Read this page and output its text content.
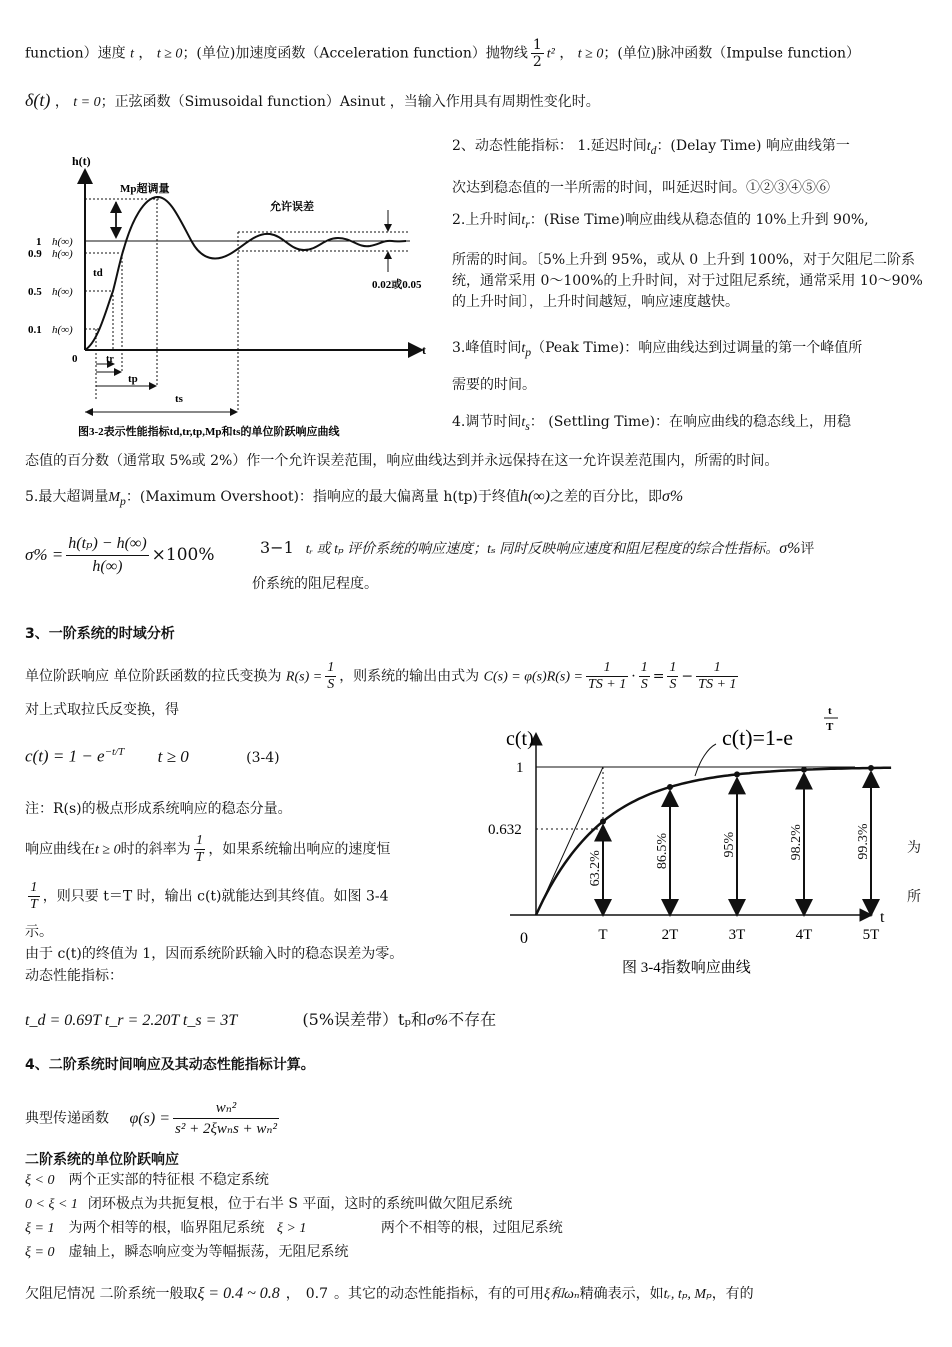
function）速度 t ， t ≥ 0；(单位)加速度函数（Acceleration function）抛物线 $\frac{1}{2} t^2$ ， t ≥ 0；(单位)脉冲函数（Impulse function）
δ(t) ， t = 0；正弦函数（Simusoidal function）Asinut ，当输入作用具有周期性变化时。
h(t)
Mp超调量
允许误差
1 h(∞)
0.9 h(∞)
0.5 h(∞)
0.1 h(∞)
0
td
tr
tp
ts
0.02或0.05
t
图3-2表示性能指标td,tr,tp,Mp和ts的单位阶跃响应曲线
2、动态性能指标： 1.延迟时间$t_d$：(Delay Time) 响应曲线第一
次达到稳态值的一半所需的时间，叫延迟时间。①②③④⑤⑥
2.上升时间$t_r$：(Rise Time)响应曲线从稳态值的 10%上升到 90%,
所需的时间。〔5%上升到 95%，或从 0 上升到 100%，对于欠阻尼二阶系统，通常采用 0～100%的上升时间，对于过阻尼系统，通常采用 10～90%的上升时间〕，上升时间越短，响应速度越快。
3.峰值时间$t_p(Peak$ Time)：响应曲线达到过调量的第一个峰值所
需要的时间。
4.调节时间$t_s$： (Settling Time)：在响应曲线的稳态线上，用稳
态值的百分数（通常取 5%或 2%）作一个允许误差范围，响应曲线达到并永远保持在这一允许误差范围内，所需的时间。
5.最大超调量$M_p$：(Maximum Overshoot)：指响应的最大偏离量 h(tp)于终值h(∞)之差的百分比，即σ%
$\sigma\% = \frac{\text{h(tₚ) − h(∞)}}{h(\infty)} \times 100\%$	3−1 tᵣ 或 tₚ 评价系统的响应速度；tₛ 同时反映响应速度和阻尼程度的综合性指标。σ%评
价系统的阻尼程度。
3、一阶系统的时域分析
单位阶跃响应 单位阶跃函数的拉氏变换为 $R(s) = \frac{1}{S}$ ，则系统的输出由式为 $C(s) = \varphi(s)R(s) = \frac{1}{TS + 1} \cdot \frac{1}{S} = \frac{1}{S} - \frac{1}{TS + 1}$
对上式取拉氏反变换，得
$c(t) = 1 - e^{-t/T}$ t ≥ 0	(3-4)
注：R(s)的极点形成系统响应的稳态分量。
响应曲线在t ≥ 0时的斜率为 $\frac{1}{T}$ ，如果系统输出响应的速度恒	为
$\frac{1}{T}$ ，则只要 t＝T 时，输出 c(t)就能达到其终值。如图 3-4	所
示。
由于 c(t)的终值为 1，因而系统阶跃输入时的稳态误差为零。
动态性能指标：
t_d = 0.69T t_r = 2.20T t_s = 3T	(5%误差带）tₚ和σ%不存在
63.2%
T
86.5%
2T
95%
3T
98.2%
4T
99.3%
5T
c(t)	c(t)=1-e
t
T
1
0.632
0
t
图 3-4指数响应曲线
4、二阶系统时间响应及其动态性能指标计算。
典型传递函数 $\varphi(s) = \frac{\text{wₙ²}}{\text{s² + 2ξwₙs + wₙ²}}$
二阶系统的单位阶跃响应
ξ < 0 两个正实部的特征根 不稳定系统
0 < ξ < 1 闭环极点为共扼复根，位于右半 S 平面，这时的系统叫做欠阻尼系统
ξ = 1 为两个相等的根，临界阻尼系统 ξ > 1	两个不相等的根，过阻尼系统
ξ = 0 虚轴上，瞬态响应变为等幅振荡，无阻尼系统
欠阻尼情况 二阶系统一般取ξ = 0.4 ~ 0.8 ， 0.7 。其它的动态性能指标，有的可用ξ和ωₙ精确表示，如tᵣ, tₚ, Mₚ，有的
